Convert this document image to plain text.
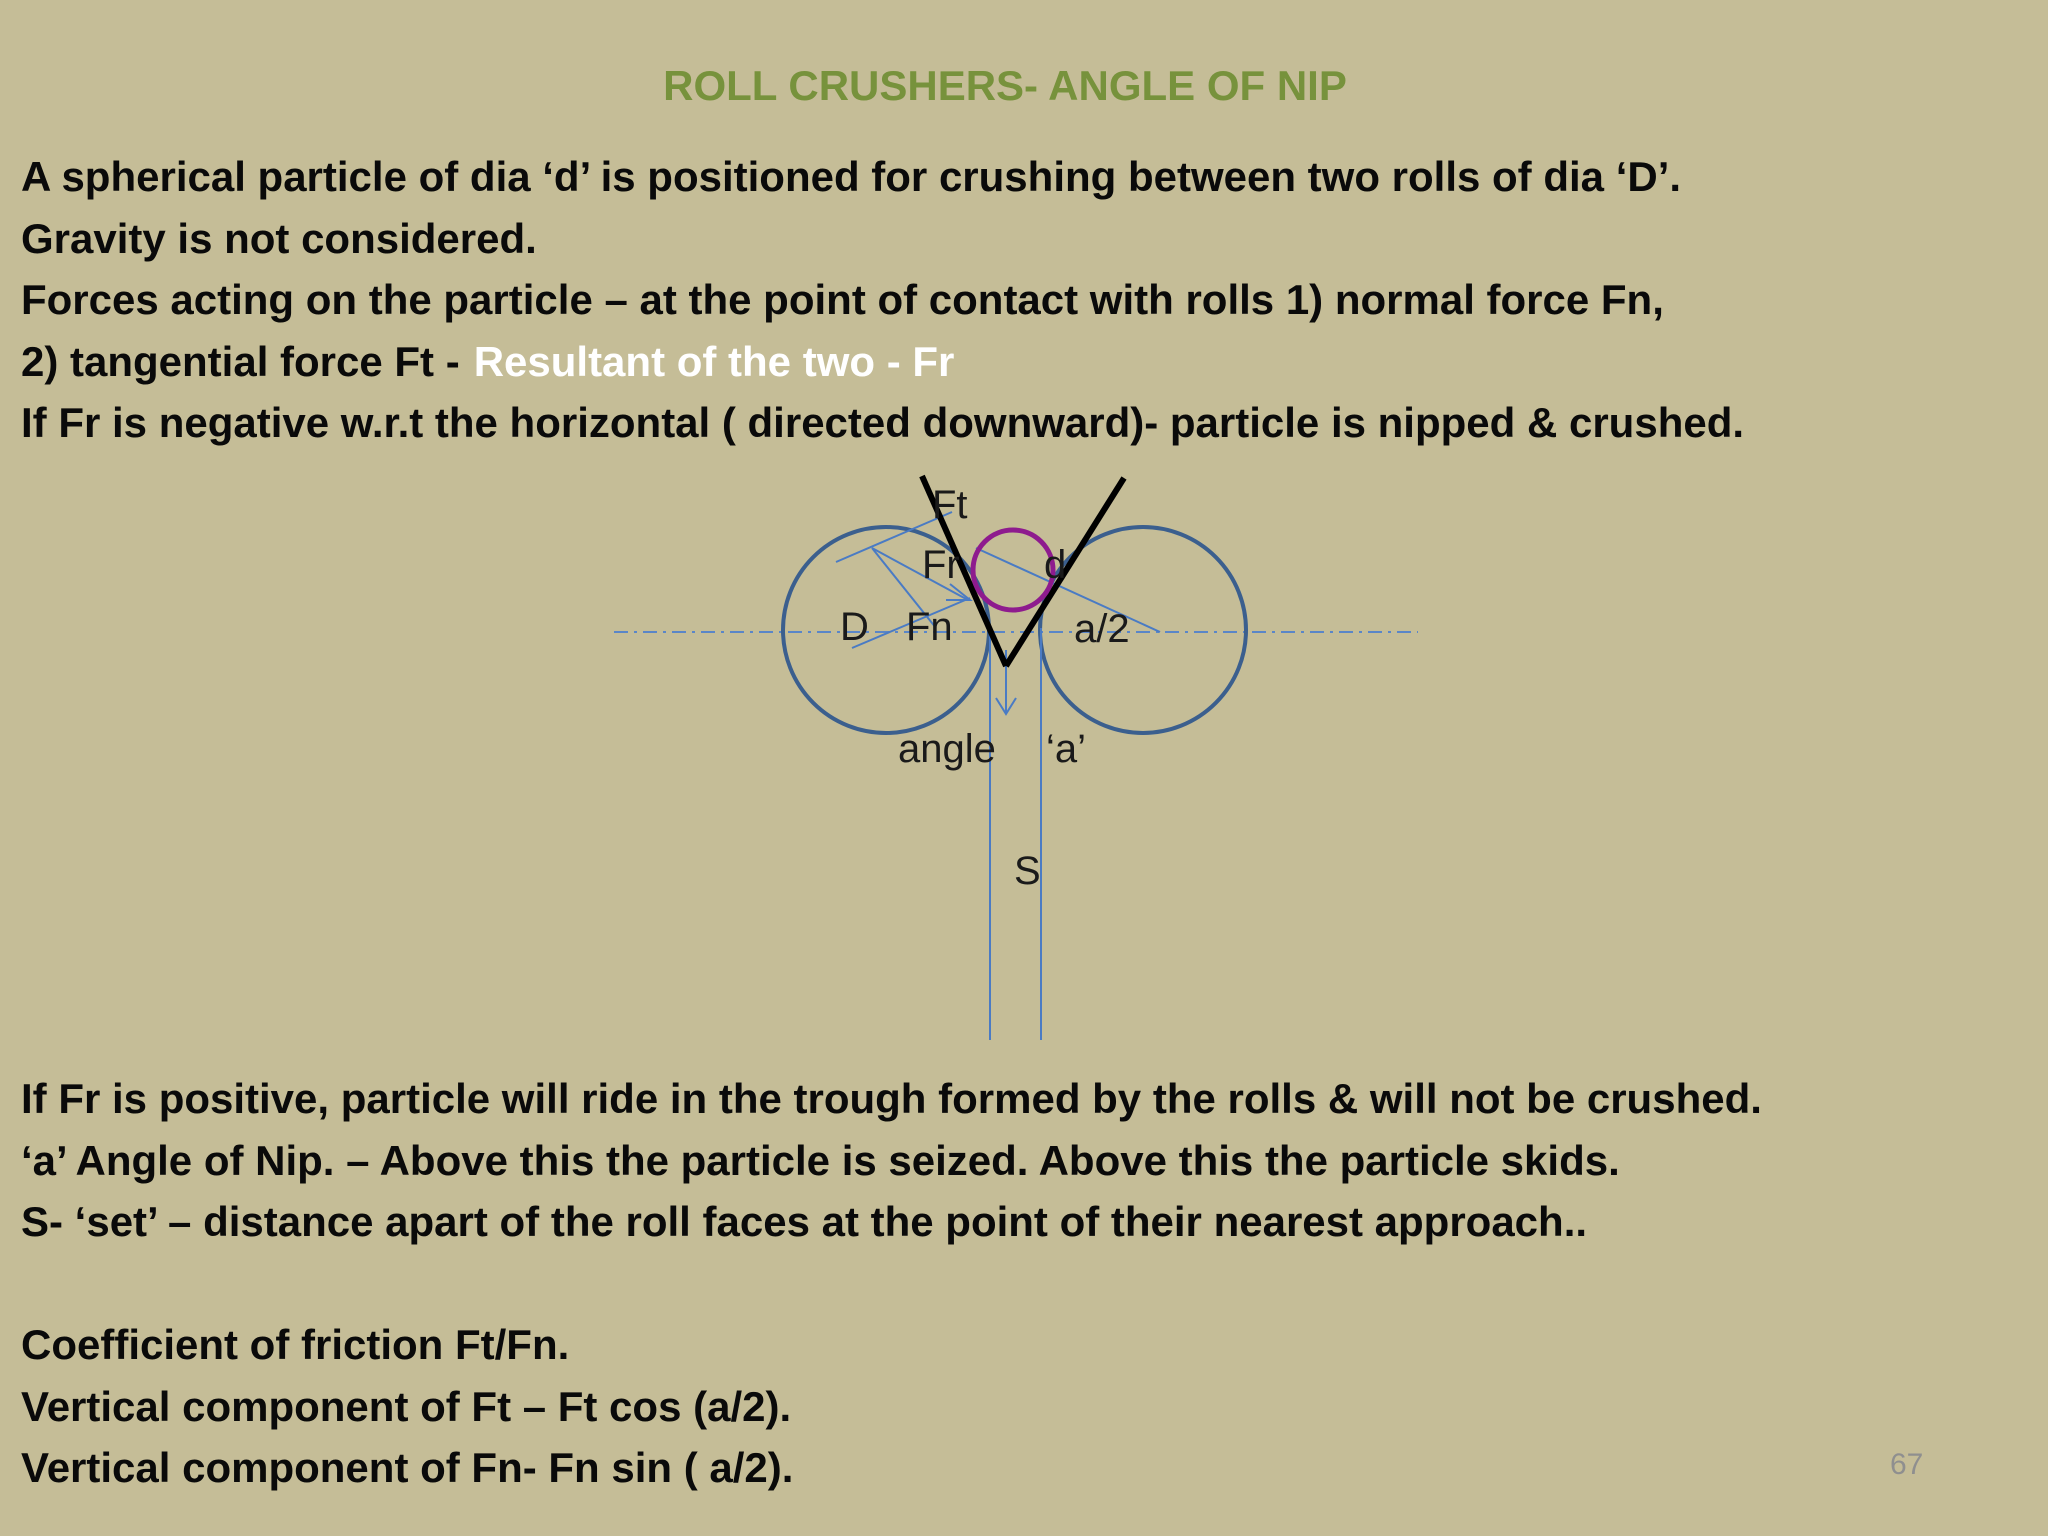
ROLL CRUSHERS- ANGLE OF NIP
A spherical particle of dia ‘d’ is positioned for crushing between two rolls of dia ‘D’.
Gravity is not considered.
Forces acting on the particle – at the point of contact with rolls 1) normal force Fn,
2) tangential force Ft - Resultant of the two - Fr
If Fr is negative w.r.t the horizontal ( directed downward)- particle is nipped & crushed.
Ft
Fr d
D Fn	a/2
angle ‘a’
S
If Fr is positive, particle will ride in the trough formed by the rolls & will not be crushed.
‘a’ Angle of Nip. – Above this the particle is seized. Above this the particle skids.
S- ‘set’ – distance apart of the roll faces at the point of their nearest approach..
Coefficient of friction Ft/Fn.
Vertical component of Ft – Ft cos (a/2).
Vertical component of Fn- Fn sin ( a/2).	67
